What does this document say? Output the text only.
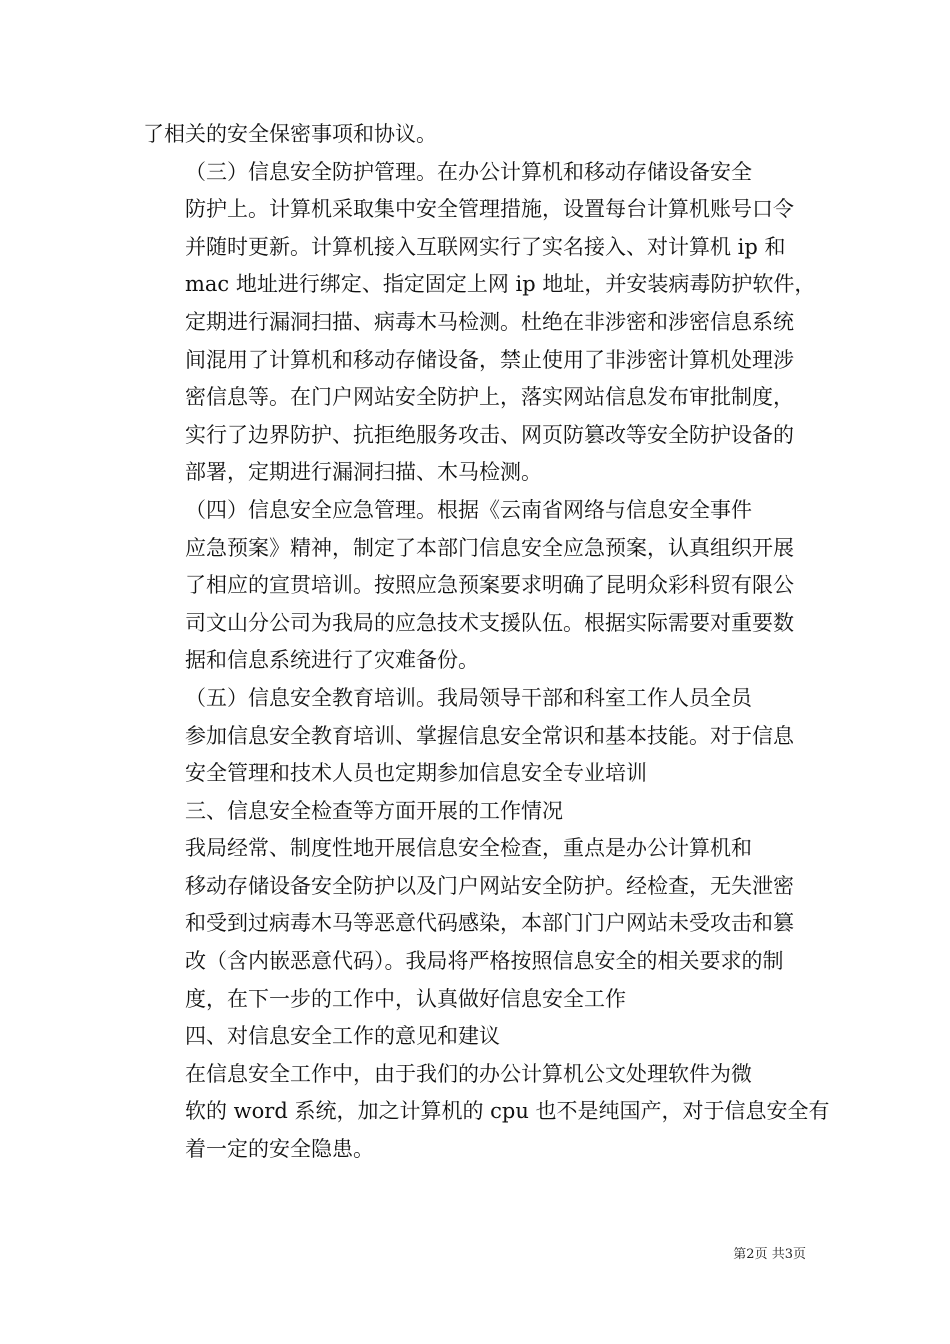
了相关的安全保密事项和协议。

（三）信息安全防护管理。在办公计算机和移动存储设备安全
防护上。计算机采取集中安全管理措施，设置每台计算机账号口令
并随时更新。计算机接入互联网实行了实名接入、对计算机 ip 和
mac 地址进行绑定、指定固定上网 ip 地址，并安装病毒防护软件，
定期进行漏洞扫描、病毒木马检测。杜绝在非涉密和涉密信息系统
间混用了计算机和移动存储设备，禁止使用了非涉密计算机处理涉
密信息等。在门户网站安全防护上，落实网站信息发布审批制度，
实行了边界防护、抗拒绝服务攻击、网页防篡改等安全防护设备的
部署，定期进行漏洞扫描、木马检测。

（四）信息安全应急管理。根据《云南省网络与信息安全事件
应急预案》精神，制定了本部门信息安全应急预案，认真组织开展
了相应的宣贯培训。按照应急预案要求明确了昆明众彩科贸有限公
司文山分公司为我局的应急技术支援队伍。根据实际需要对重要数
据和信息系统进行了灾难备份。

（五）信息安全教育培训。我局领导干部和科室工作人员全员
参加信息安全教育培训、掌握信息安全常识和基本技能。对于信息
安全管理和技术人员也定期参加信息安全专业培训

三、信息安全检查等方面开展的工作情况

我局经常、制度性地开展信息安全检查，重点是办公计算机和
移动存储设备安全防护以及门户网站安全防护。经检查，无失泄密
和受到过病毒木马等恶意代码感染，本部门门户网站未受攻击和篡
改（含内嵌恶意代码）。我局将严格按照信息安全的相关要求的制
度，在下一步的工作中，认真做好信息安全工作

四、对信息安全工作的意见和建议

在信息安全工作中，由于我们的办公计算机公文处理软件为微
软的 word 系统，加之计算机的 cpu 也不是纯国产，对于信息安全有
着一定的安全隐患。

第2页 共3页
